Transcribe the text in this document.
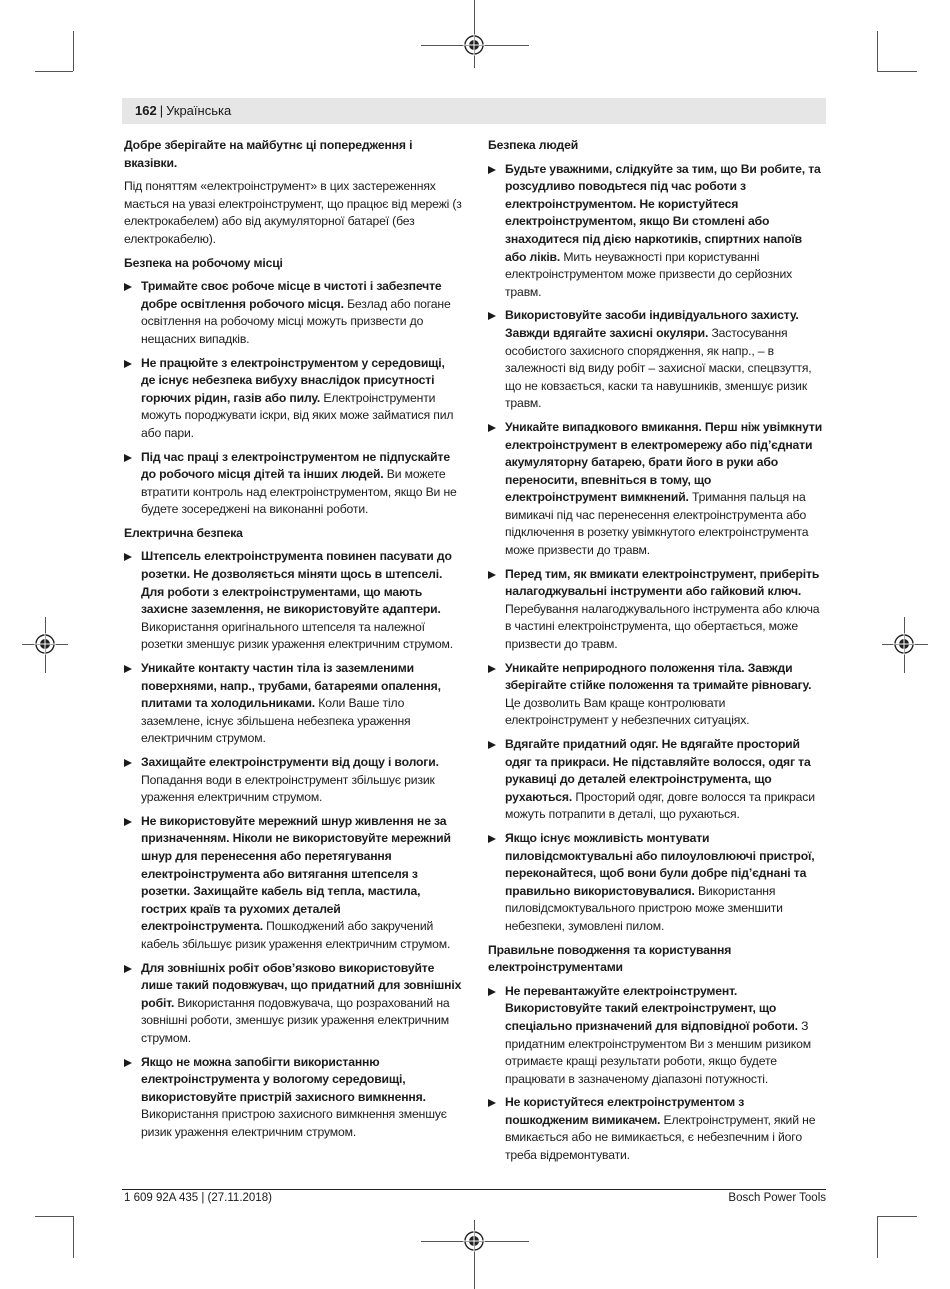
162 | Українська
Добре зберігайте на майбутнє ці попередження і вказівки.
Під поняттям «електроінструмент» в цих застереженнях мається на увазі електроінструмент, що працює від мережі (з електрокабелем) або від акумуляторної батареї (без електрокабелю).
Безпека на робочому місці
Тримайте своє робоче місце в чистоті і забезпечте добре освітлення робочого місця. Безлад або погане освітлення на робочому місці можуть призвести до нещасних випадків.
Не працюйте з електроінструментом у середовищі, де існує небезпека вибуху внаслідок присутності горючих рідин, газів або пилу. Електроінструменти можуть породжувати іскри, від яких може займатися пил або пари.
Під час праці з електроінструментом не підпускайте до робочого місця дітей та інших людей. Ви можете втратити контроль над електроінструментом, якщо Ви не будете зосереджені на виконанні роботи.
Електрична безпека
Штепсель електроінструмента повинен пасувати до розетки. Не дозволяється міняти щось в штепселі. Для роботи з електроінструментами, що мають захисне заземлення, не використовуйте адаптери. Використання оригінального штепселя та належної розетки зменшує ризик ураження електричним струмом.
Уникайте контакту частин тіла із заземленими поверхнями, напр., трубами, батареями опалення, плитами та холодильниками. Коли Ваше тіло заземлене, існує збільшена небезпека ураження електричним струмом.
Захищайте електроінструменти від дощу і вологи. Попадання води в електроінструмент збільшує ризик ураження електричним струмом.
Не використовуйте мережний шнур живлення не за призначенням. Ніколи не використовуйте мережний шнур для перенесення або перетягування електроінструмента або витягання штепселя з розетки. Захищайте кабель від тепла, мастила, гострих країв та рухомих деталей електроінструмента. Пошкоджений або закручений кабель збільшує ризик ураження електричним струмом.
Для зовнішніх робіт обов’язково використовуйте лише такий подовжувач, що придатний для зовнішніх робіт. Використання подовжувача, що розрахований на зовнішні роботи, зменшує ризик ураження електричним струмом.
Якщо не можна запобігти використанню електроінструмента у вологому середовищі, використовуйте пристрій захисного вимкнення. Використання пристрою захисного вимкнення зменшує ризик ураження електричним струмом.
Безпека людей
Будьте уважними, слідкуйте за тим, що Ви робите, та розсудливо поводьтеся під час роботи з електроінструментом. Не користуйтеся електроінструментом, якщо Ви стомлені або знаходитеся під дією наркотиків, спиртних напоїв або ліків. Мить неуважності при користуванні електроінструментом може призвести до серйозних травм.
Використовуйте засоби індивідуального захисту. Завжди вдягайте захисні окуляри. Застосування особистого захисного спорядження, як напр., – в залежності від виду робіт – захисної маски, спецвзуття, що не ковзається, каски та навушників, зменшує ризик травм.
Уникайте випадкового вмикання. Перш ніж увімкнути електроінструмент в електромережу або під’єднати акумуляторну батарею, брати його в руки або переносити, впевніться в тому, що електроінструмент вимкнений. Тримання пальця на вимикачі під час перенесення електроінструмента або підключення в розетку увімкнутого електроінструмента може призвести до травм.
Перед тим, як вмикати електроінструмент, приберіть налагоджувальні інструменти або гайковий ключ. Перебування налагоджувального інструмента або ключа в частині електроінструмента, що обертається, може призвести до травм.
Уникайте неприродного положення тіла. Завжди зберігайте стійке положення та тримайте рівновагу. Це дозволить Вам краще контролювати електроінструмент у небезпечних ситуаціях.
Вдягайте придатний одяг. Не вдягайте просторий одяг та прикраси. Не підставляйте волосся, одяг та рукавиці до деталей електроінструмента, що рухаються. Просторий одяг, довге волосся та прикраси можуть потрапити в деталі, що рухаються.
Якщо існує можливість монтувати пиловідсмоктувальні або пилоуловлюючі пристрої, переконайтеся, щоб вони були добре під’єднані та правильно використовувалися. Використання пиловідсмоктувального пристрою може зменшити небезпеки, зумовлені пилом.
Правильне поводження та користування електроінструментами
Не перевантажуйте електроінструмент. Використовуйте такий електроінструмент, що спеціально призначений для відповідної роботи. З придатним електроінструментом Ви з меншим ризиком отримаєте кращі результати роботи, якщо будете працювати в зазначеному діапазоні потужності.
Не користуйтеся електроінструментом з пошкодженим вимикачем. Електроінструмент, який не вмикається або не вимикається, є небезпечним і його треба відремонтувати.
1 609 92A 435 | (27.11.2018)	Bosch Power Tools
